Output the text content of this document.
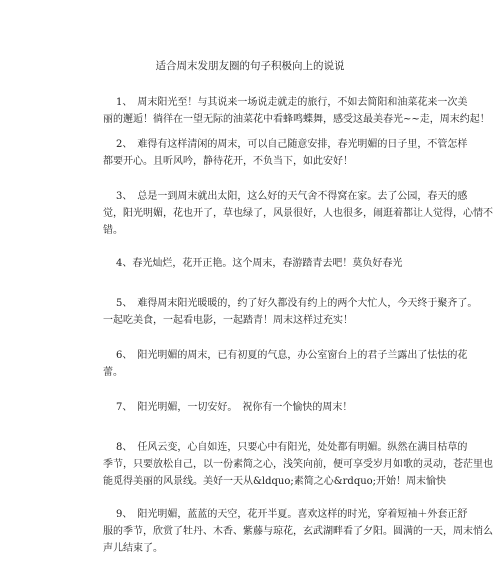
适合周末发朋友圈的句子积极向上的说说
1、　周末阳光至！与其说来一场说走就走的旅行，不如去简阳和油菜花来一次美
丽的邂逅！徜徉在一望无际的油菜花中看蜂鸣蝶舞，感受这最美春光~~走，周末约起！
2、　难得有这样清闲的周末，可以自己随意安排，春光明媚的日子里，不管怎样
都要开心。且听风吟，静待花开，不负当下，如此安好！
3、　总是一到周末就出太阳，这么好的天气舍不得窝在家。去了公园，春天的感
觉，阳光明媚，花也开了，草也绿了，风景很好，人也很多，闹逛着都让人觉得，心情不
错。
4、春光灿烂，花开正艳。这个周末，春游踏青去吧！莫负好春光
5、　难得周末阳光暖暖的，约了好久都没有约上的两个大忙人，今天终于聚齐了。
一起吃美食，一起看电影，一起踏青！周末这样过充实！
6、　阳光明媚的周末，已有初夏的气息，办公室窗台上的君子兰露出了怯怯的花
蕾。
7、　阳光明媚，一切安好。　祝你有一个愉快的周末！
8、　任风云变，心自如连，只要心中有阳光，处处都有明媚。纵然在满目枯草的
季节，只要放松自己，以一份素简之心，浅笑向前，便可享受岁月如歌的灵动，苍茫里也
能觅得美丽的风景线。美好一天从&ldquo;素简之心&rdquo;开始！周末愉快
9、　阳光明媚，蓝蓝的天空，花开半夏。喜欢这样的时光，穿着短袖＋外套正舒
服的季节，欣赏了牡丹、木香、紫藤与琼花，玄武湖畔看了夕阳。圆满的一天，周末悄么
声儿结束了。
